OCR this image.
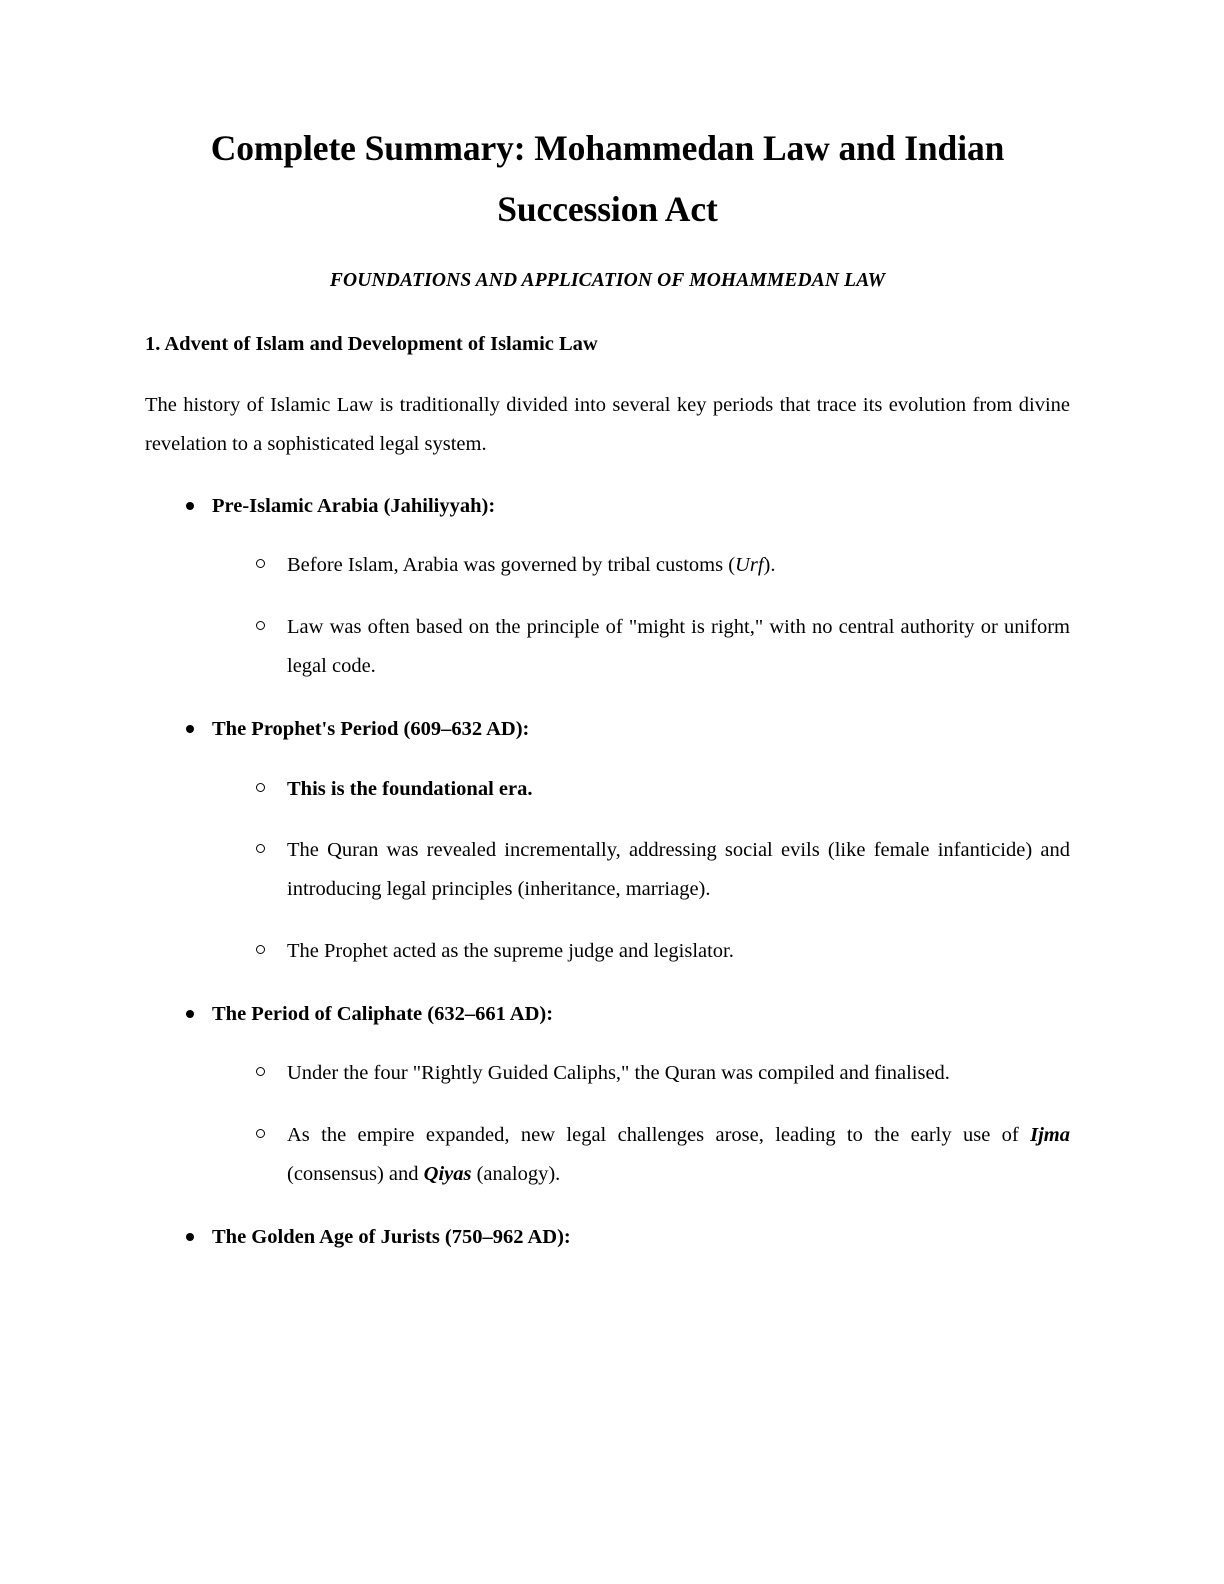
Complete Summary: Mohammedan Law and Indian Succession Act

FOUNDATIONS AND APPLICATION OF MOHAMMEDAN LAW

1. Advent of Islam and Development of Islamic Law

The history of Islamic Law is traditionally divided into several key periods that trace its evolution from divine revelation to a sophisticated legal system.

Pre-Islamic Arabia (Jahiliyyah):
Before Islam, Arabia was governed by tribal customs (Urf).
Law was often based on the principle of "might is right," with no central authority or uniform legal code.
The Prophet's Period (609–632 AD):
This is the foundational era.
The Quran was revealed incrementally, addressing social evils (like female infanticide) and introducing legal principles (inheritance, marriage).
The Prophet acted as the supreme judge and legislator.
The Period of Caliphate (632–661 AD):
Under the four "Rightly Guided Caliphs," the Quran was compiled and finalised.
As the empire expanded, new legal challenges arose, leading to the early use of Ijma (consensus) and Qiyas (analogy).
The Golden Age of Jurists (750–962 AD):
